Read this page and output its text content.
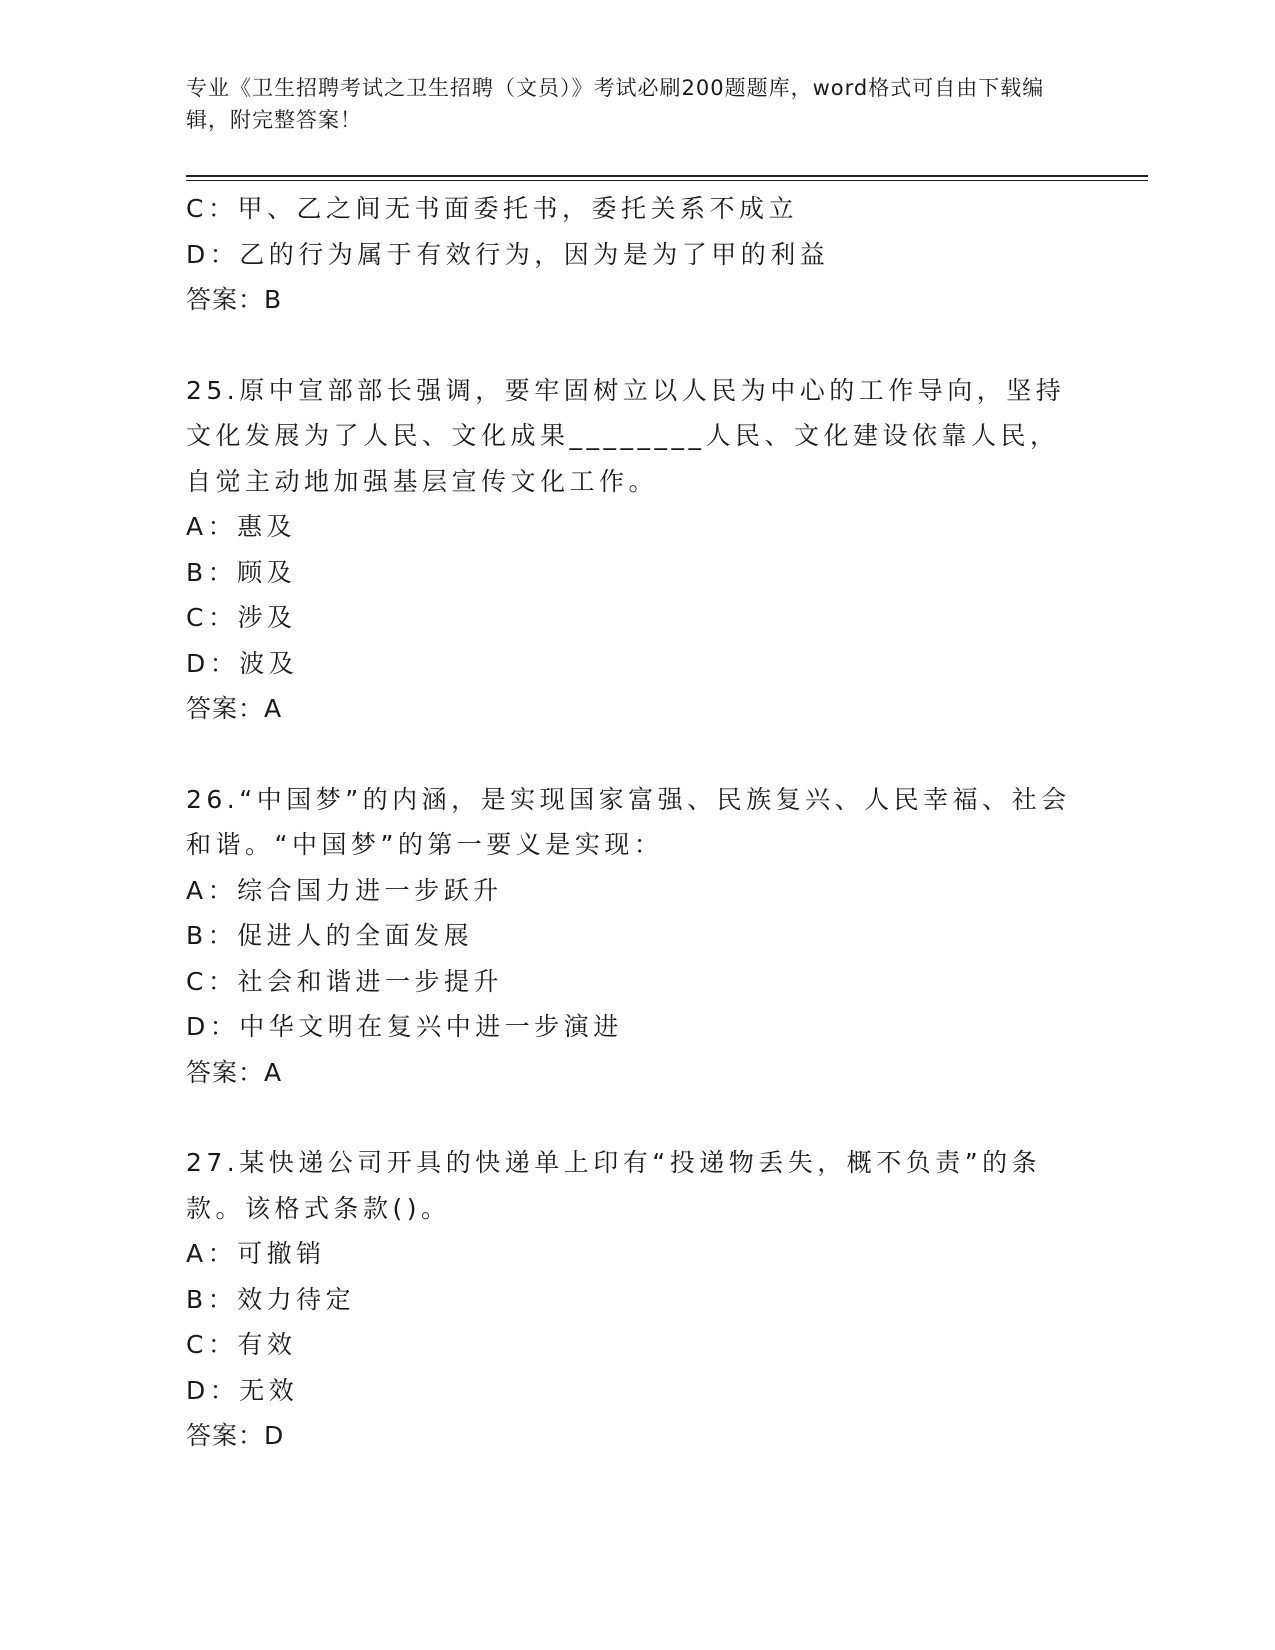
专业《卫生招聘考试之卫生招聘（文员）》考试必刷200题题库，word格式可自由下载编辑，附完整答案！
C：甲、乙之间无书面委托书，委托关系不成立
D：乙的行为属于有效行为，因为是为了甲的利益
答案：B
25.原中宣部部长强调，要牢固树立以人民为中心的工作导向，坚持文化发展为了人民、文化成果________人民、文化建设依靠人民，自觉主动地加强基层宣传文化工作。
A：惠及
B：顾及
C：涉及
D：波及
答案：A
26.“中国梦”的内涵，是实现国家富强、民族复兴、人民幸福、社会和谐。“中国梦”的第一要义是实现：
A：综合国力进一步跃升
B：促进人的全面发展
C：社会和谐进一步提升
D：中华文明在复兴中进一步演进
答案：A
27.某快递公司开具的快递单上印有“投递物丢失，概不负责”的条款。该格式条款()。
A：可撤销
B：效力待定
C：有效
D：无效
答案：D
